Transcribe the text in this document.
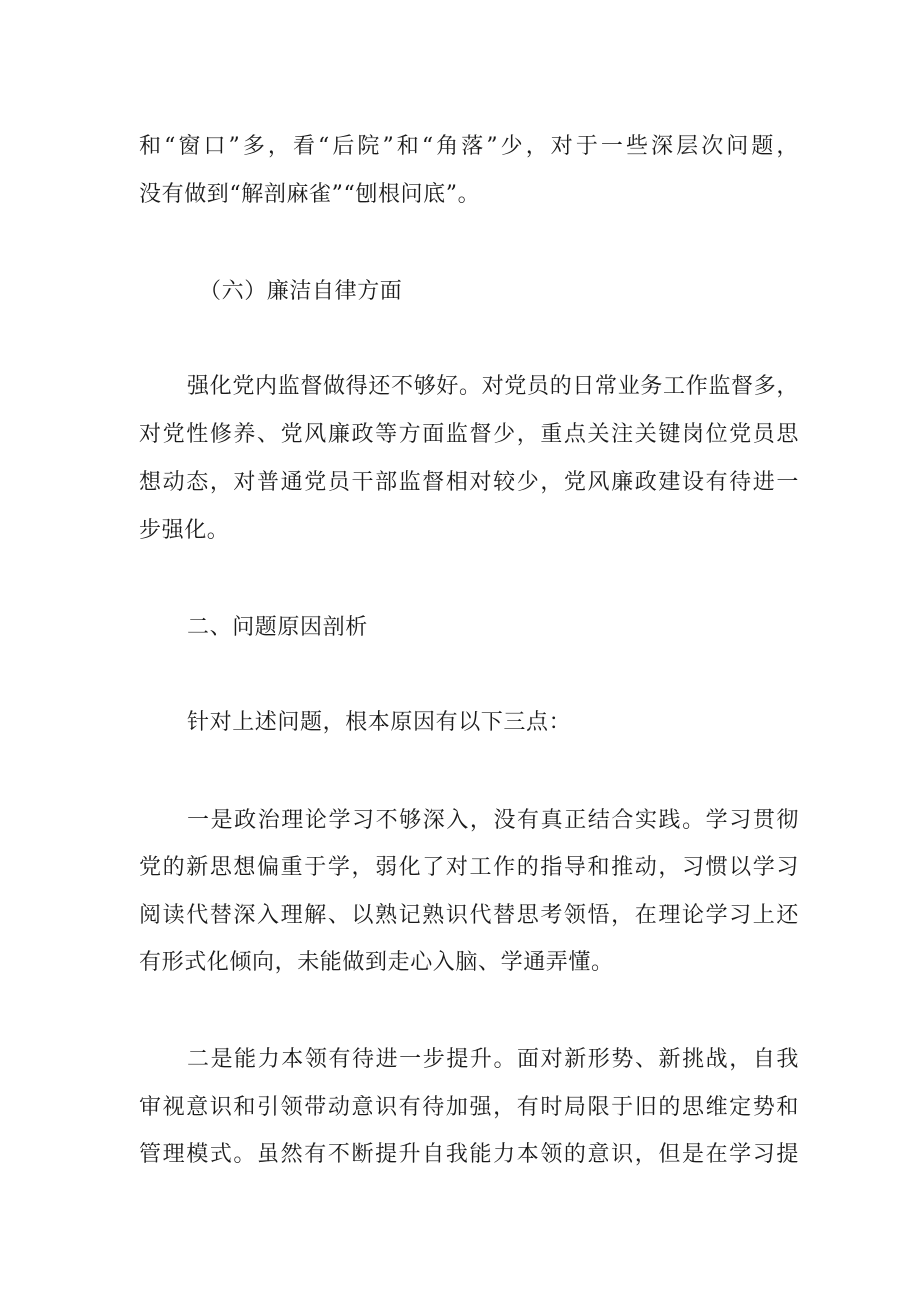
和“窗口”多，看“后院”和“角落”少，对于一些深层次问题，
没有做到“解剖麻雀”“刨根问底”。
（六）廉洁自律方面
强化党内监督做得还不够好。对党员的日常业务工作监督多，
对党性修养、党风廉政等方面监督少，重点关注关键岗位党员思
想动态，对普通党员干部监督相对较少，党风廉政建设有待进一
步强化。
二、问题原因剖析
针对上述问题，根本原因有以下三点：
一是政治理论学习不够深入，没有真正结合实践。学习贯彻
党的新思想偏重于学，弱化了对工作的指导和推动，习惯以学习
阅读代替深入理解、以熟记熟识代替思考领悟，在理论学习上还
有形式化倾向，未能做到走心入脑、学通弄懂。
二是能力本领有待进一步提升。面对新形势、新挑战，自我
审视意识和引领带动意识有待加强，有时局限于旧的思维定势和
管理模式。虽然有不断提升自我能力本领的意识，但是在学习提
